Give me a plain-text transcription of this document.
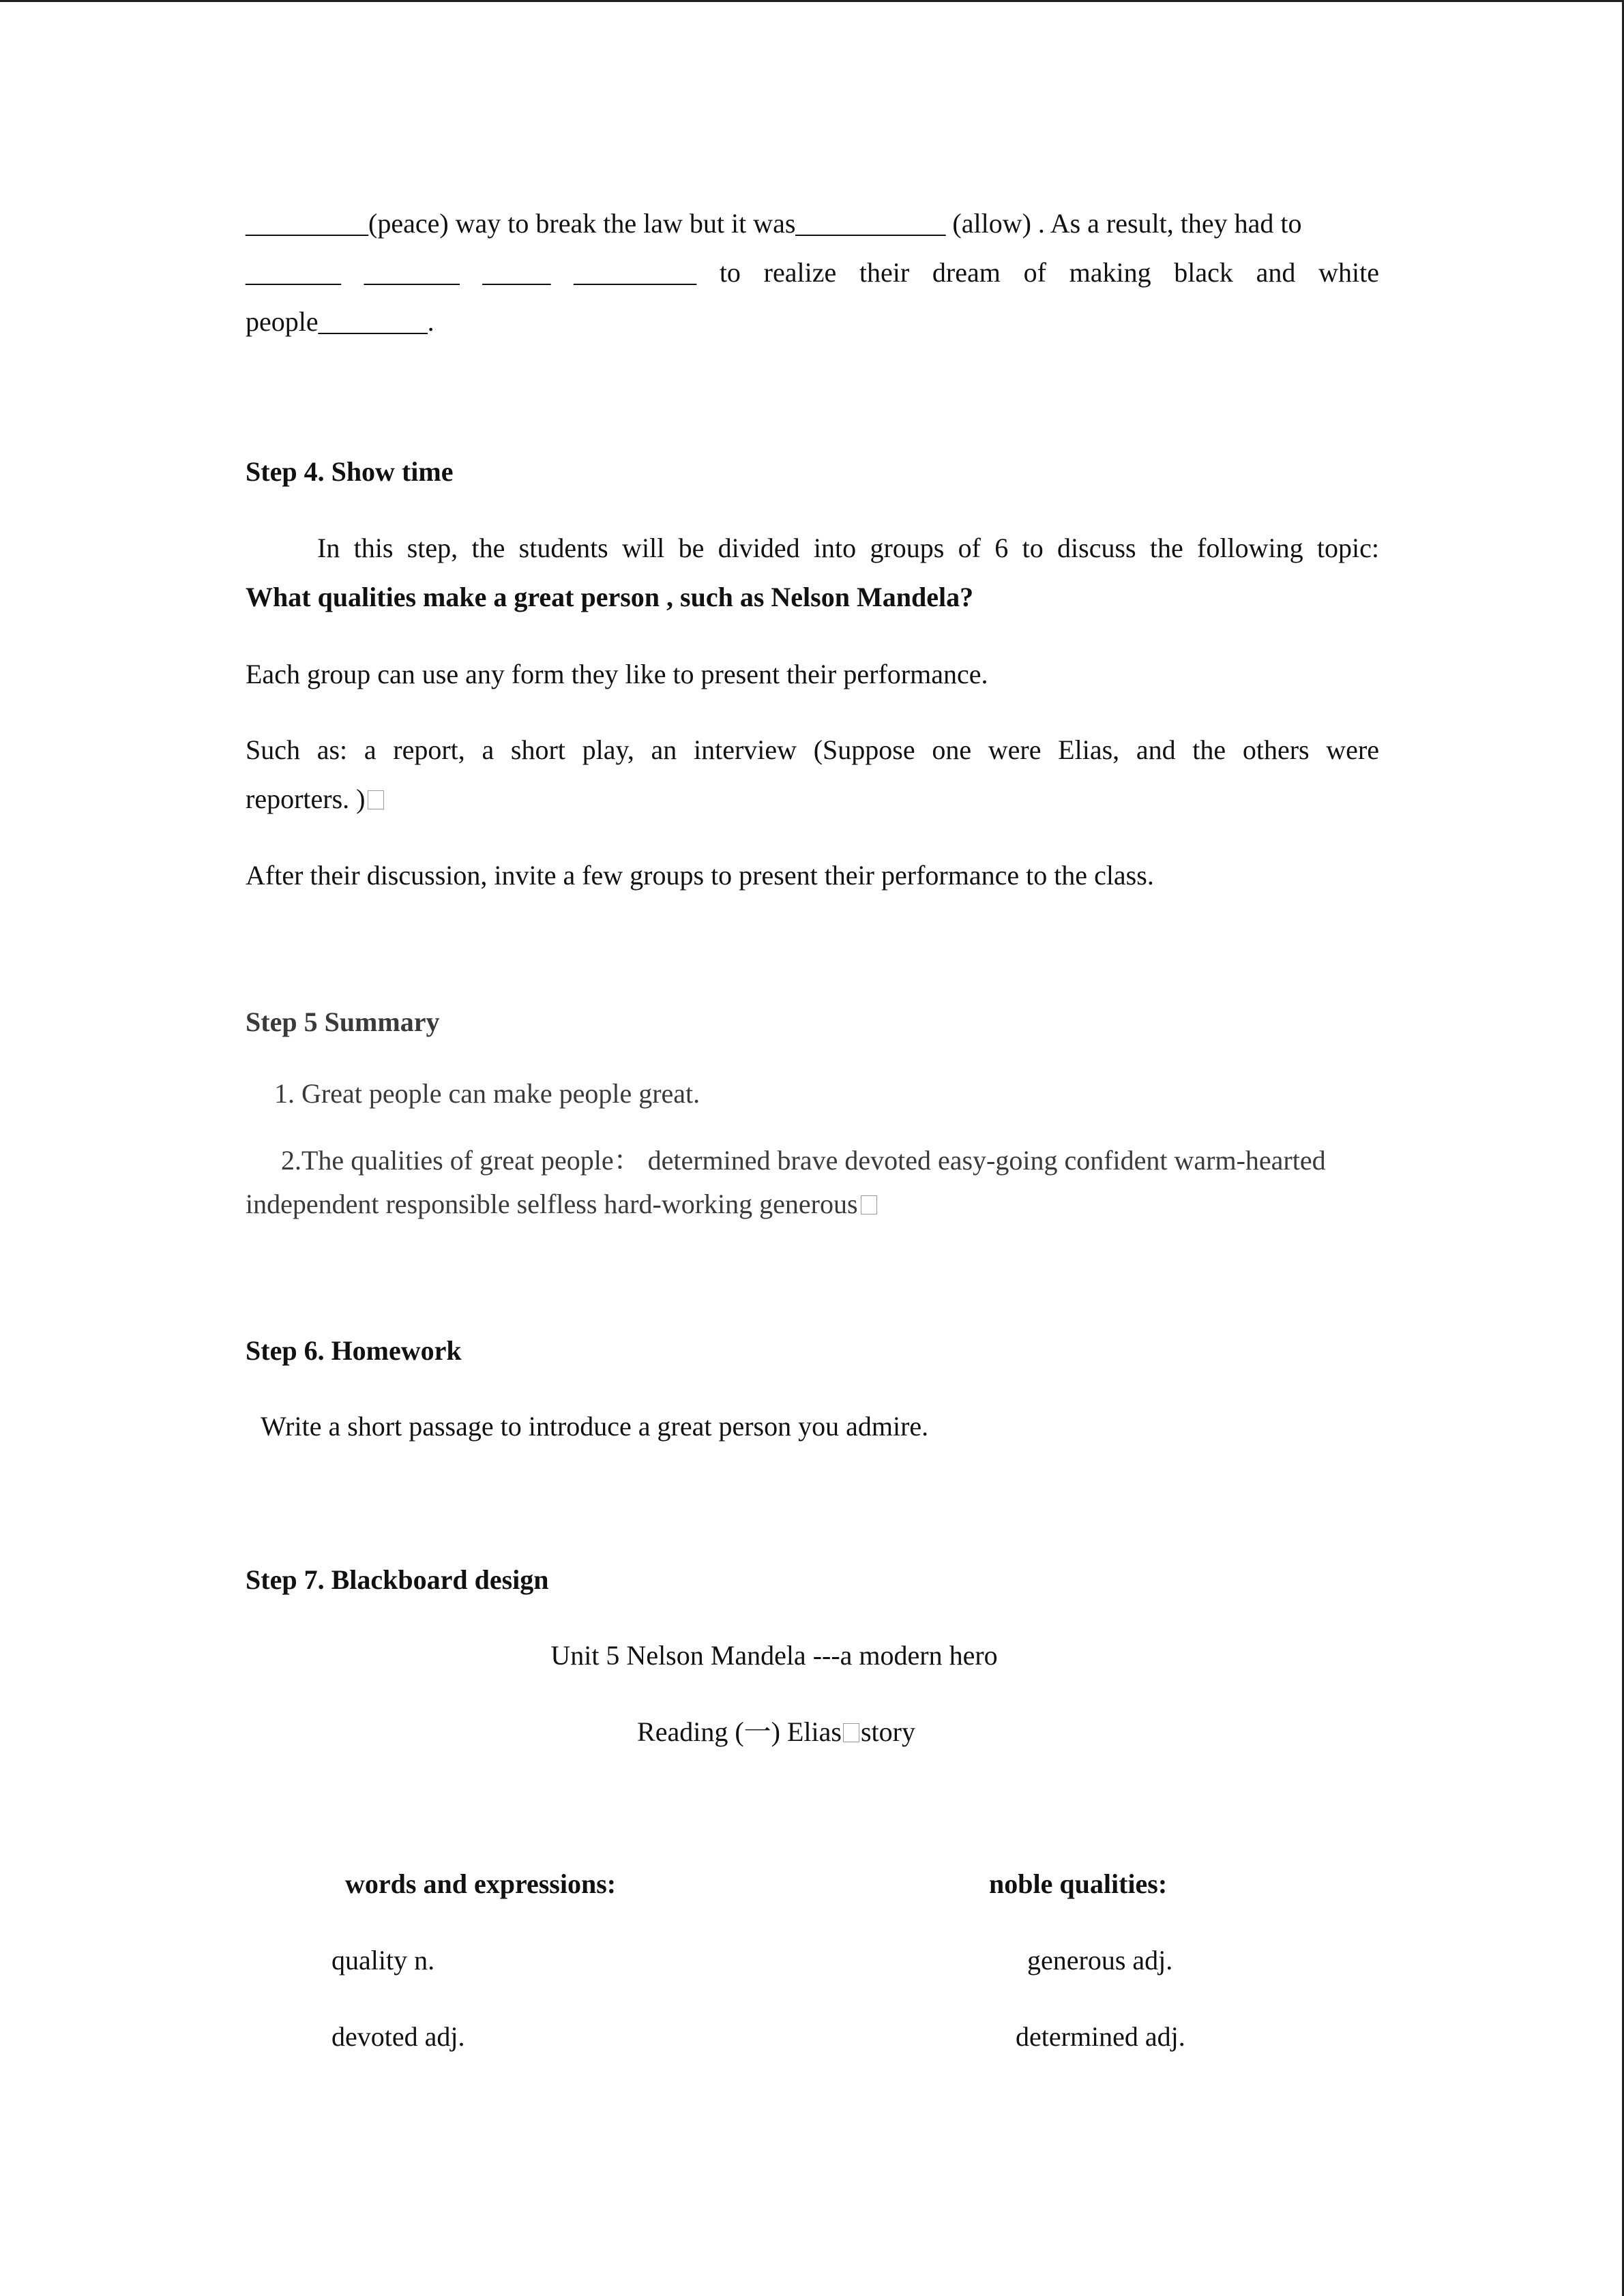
_________(peace) way to break the law but it was___________ (allow) . As a result, they had to
_______ _______ _____ _________ to realize their dream of making black and white
people________.
Step 4. Show time
In this step, the students will be divided into groups of 6 to discuss the following topic:
What qualities make a great person , such as Nelson Mandela?
Each group can use any form they like to present their performance.
Such as: a report, a short play, an interview (Suppose one were Elias, and the others were
reporters. )
After their discussion, invite a few groups to present their performance to the class.
Step 5 Summary
1. Great people can make people great.
2.The qualities of great people： determined brave devoted easy-going confident warm-hearted
independent responsible selfless hard-working generous
Step 6. Homework
Write a short passage to introduce a great person you admire.
Step 7. Blackboard design
Unit 5 Nelson Mandela ---a modern hero
Reading (一) Elias story
words and expressions:	noble qualities:
quality n.
devoted adj.
generous adj.
determined adj.
